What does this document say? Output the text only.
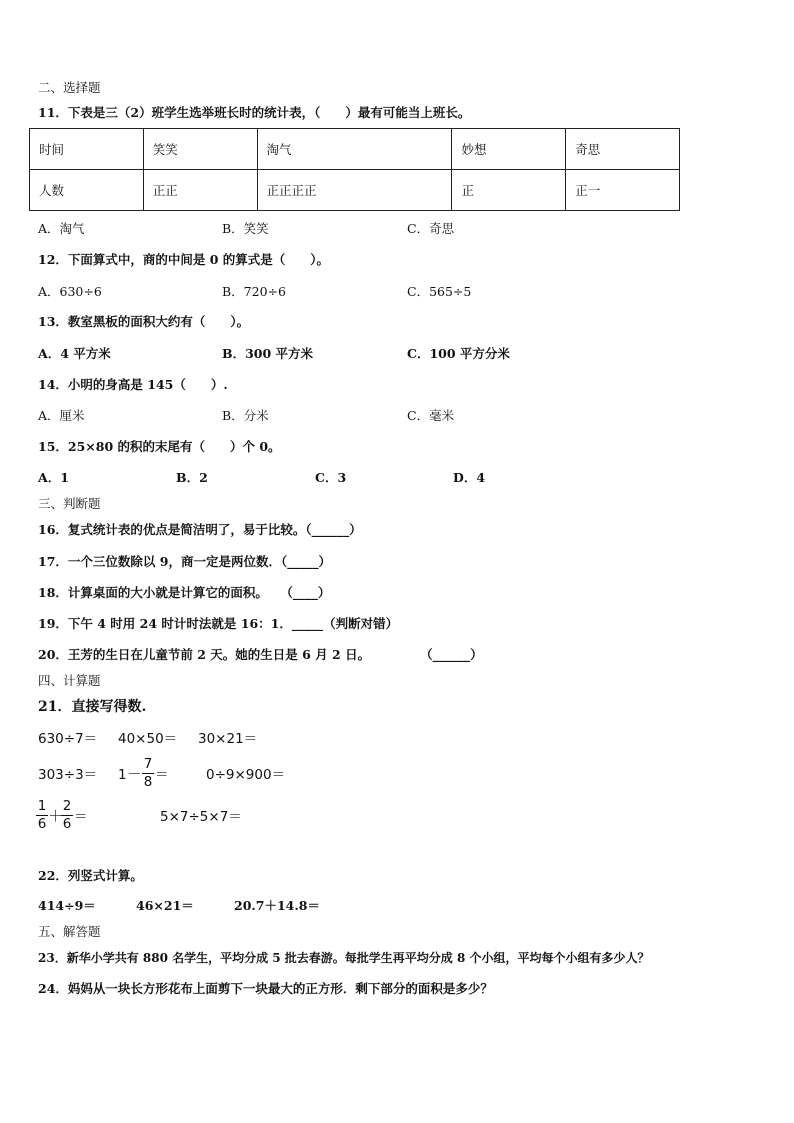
二、选择题
11．下表是三（2）班学生选举班长时的统计表，（　　）最有可能当上班长。
时间	笑笑	淘气	妙想	奇思
人数	正正	正正正正	正	正一
A．淘气	B．笑笑	C．奇思
12．下面算式中，商的中间是 0 的算式是（　　）。
A．630÷6	B．720÷6	C．565÷5
13．教室黑板的面积大约有（　　）。
A．4 平方米	B．300 平方米	C．100 平方分米
14．小明的身高是 145（　　）.
A．厘米	B．分米	C．毫米
15．25×80 的积的末尾有（　　）个 0。
A．1	B．2	C．3	D．4
三、判断题
16．复式统计表的优点是简洁明了，易于比较。（______）
17．一个三位数除以 9，商一定是两位数．（_____）
18．计算桌面的大小就是计算它的面积。　　（____）
19．下午 4 时用 24 时计时法就是 16：1．_____（判断对错）
20．王芳的生日在儿童节前 2 天。她的生日是 6 月 2 日。　　　　　（______）
四、计算题
21．直接写得数.
630÷7＝ 40×50＝ 30×21＝
303÷3＝ 1 －
7
8 ＝	0÷9×900＝
1
6 ＋
2
6 ＝	5×7÷5×7＝
22．列竖式计算。
414÷9＝	46×21＝	20.7＋14.8＝
五、解答题
23．新华小学共有 880 名学生，平均分成 5 批去春游。每批学生再平均分成 8 个小组，平均每个小组有多少人？
24．妈妈从一块长方形花布上面剪下一块最大的正方形．剩下部分的面积是多少？
